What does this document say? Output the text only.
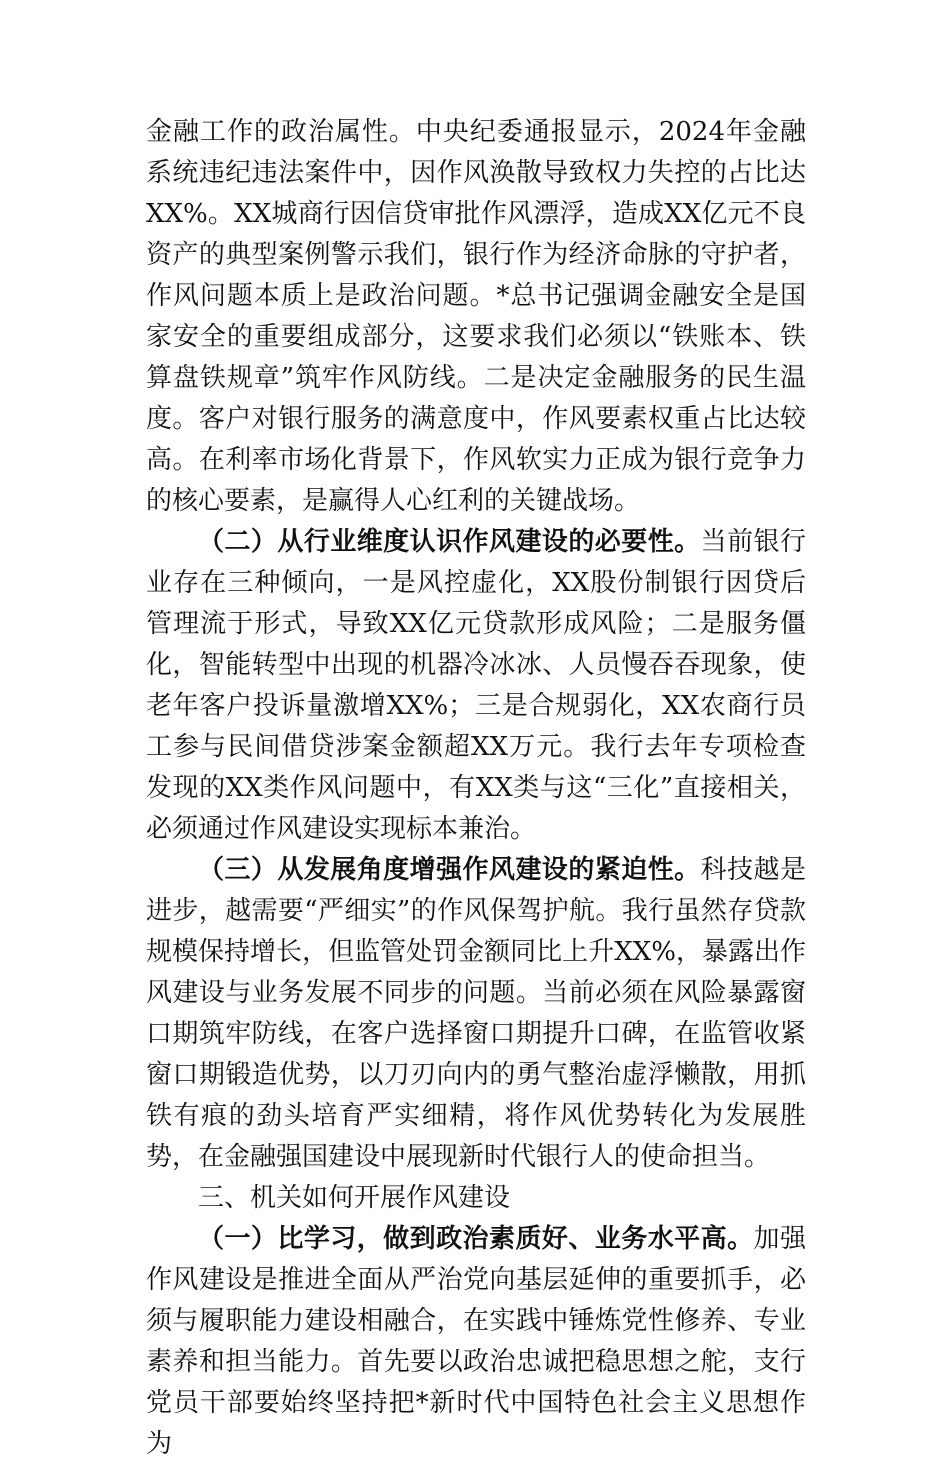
金融工作的政治属性。中央纪委通报显示，2024年金融系统违纪违法案件中，因作风涣散导致权力失控的占比达XX%。XX城商行因信贷审批作风漂浮，造成XX亿元不良资产的典型案例警示我们，银行作为经济命脉的守护者，作风问题本质上是政治问题。*总书记强调金融安全是国家安全的重要组成部分，这要求我们必须以“铁账本、铁算盘铁规章”筑牢作风防线。二是决定金融服务的民生温度。客户对银行服务的满意度中，作风要素权重占比达较高。在利率市场化背景下，作风软实力正成为银行竞争力的核心要素，是赢得人心红利的关键战场。

（二）从行业维度认识作风建设的必要性。当前银行业存在三种倾向，一是风控虚化，XX股份制银行因贷后管理流于形式，导致XX亿元贷款形成风险；二是服务僵化，智能转型中出现的机器冷冰冰、人员慢吞吞现象，使老年客户投诉量激增XX%；三是合规弱化，XX农商行员工参与民间借贷涉案金额超XX万元。我行去年专项检查发现的XX类作风问题中，有XX类与这“三化”直接相关，必须通过作风建设实现标本兼治。

（三）从发展角度增强作风建设的紧迫性。科技越是进步，越需要“严细实”的作风保驾护航。我行虽然存贷款规模保持增长，但监管处罚金额同比上升XX%，暴露出作风建设与业务发展不同步的问题。当前必须在风险暴露窗口期筑牢防线，在客户选择窗口期提升口碑，在监管收紧窗口期锻造优势，以刀刃向内的勇气整治虚浮懒散，用抓铁有痕的劲头培育严实细精，将作风优势转化为发展胜势，在金融强国建设中展现新时代银行人的使命担当。

三、机关如何开展作风建设

（一）比学习，做到政治素质好、业务水平高。加强作风建设是推进全面从严治党向基层延伸的重要抓手，必须与履职能力建设相融合，在实践中锤炼党性修养、专业素养和担当能力。首先要以政治忠诚把稳思想之舵，支行党员干部要始终坚持把*新时代中国特色社会主义思想作为
